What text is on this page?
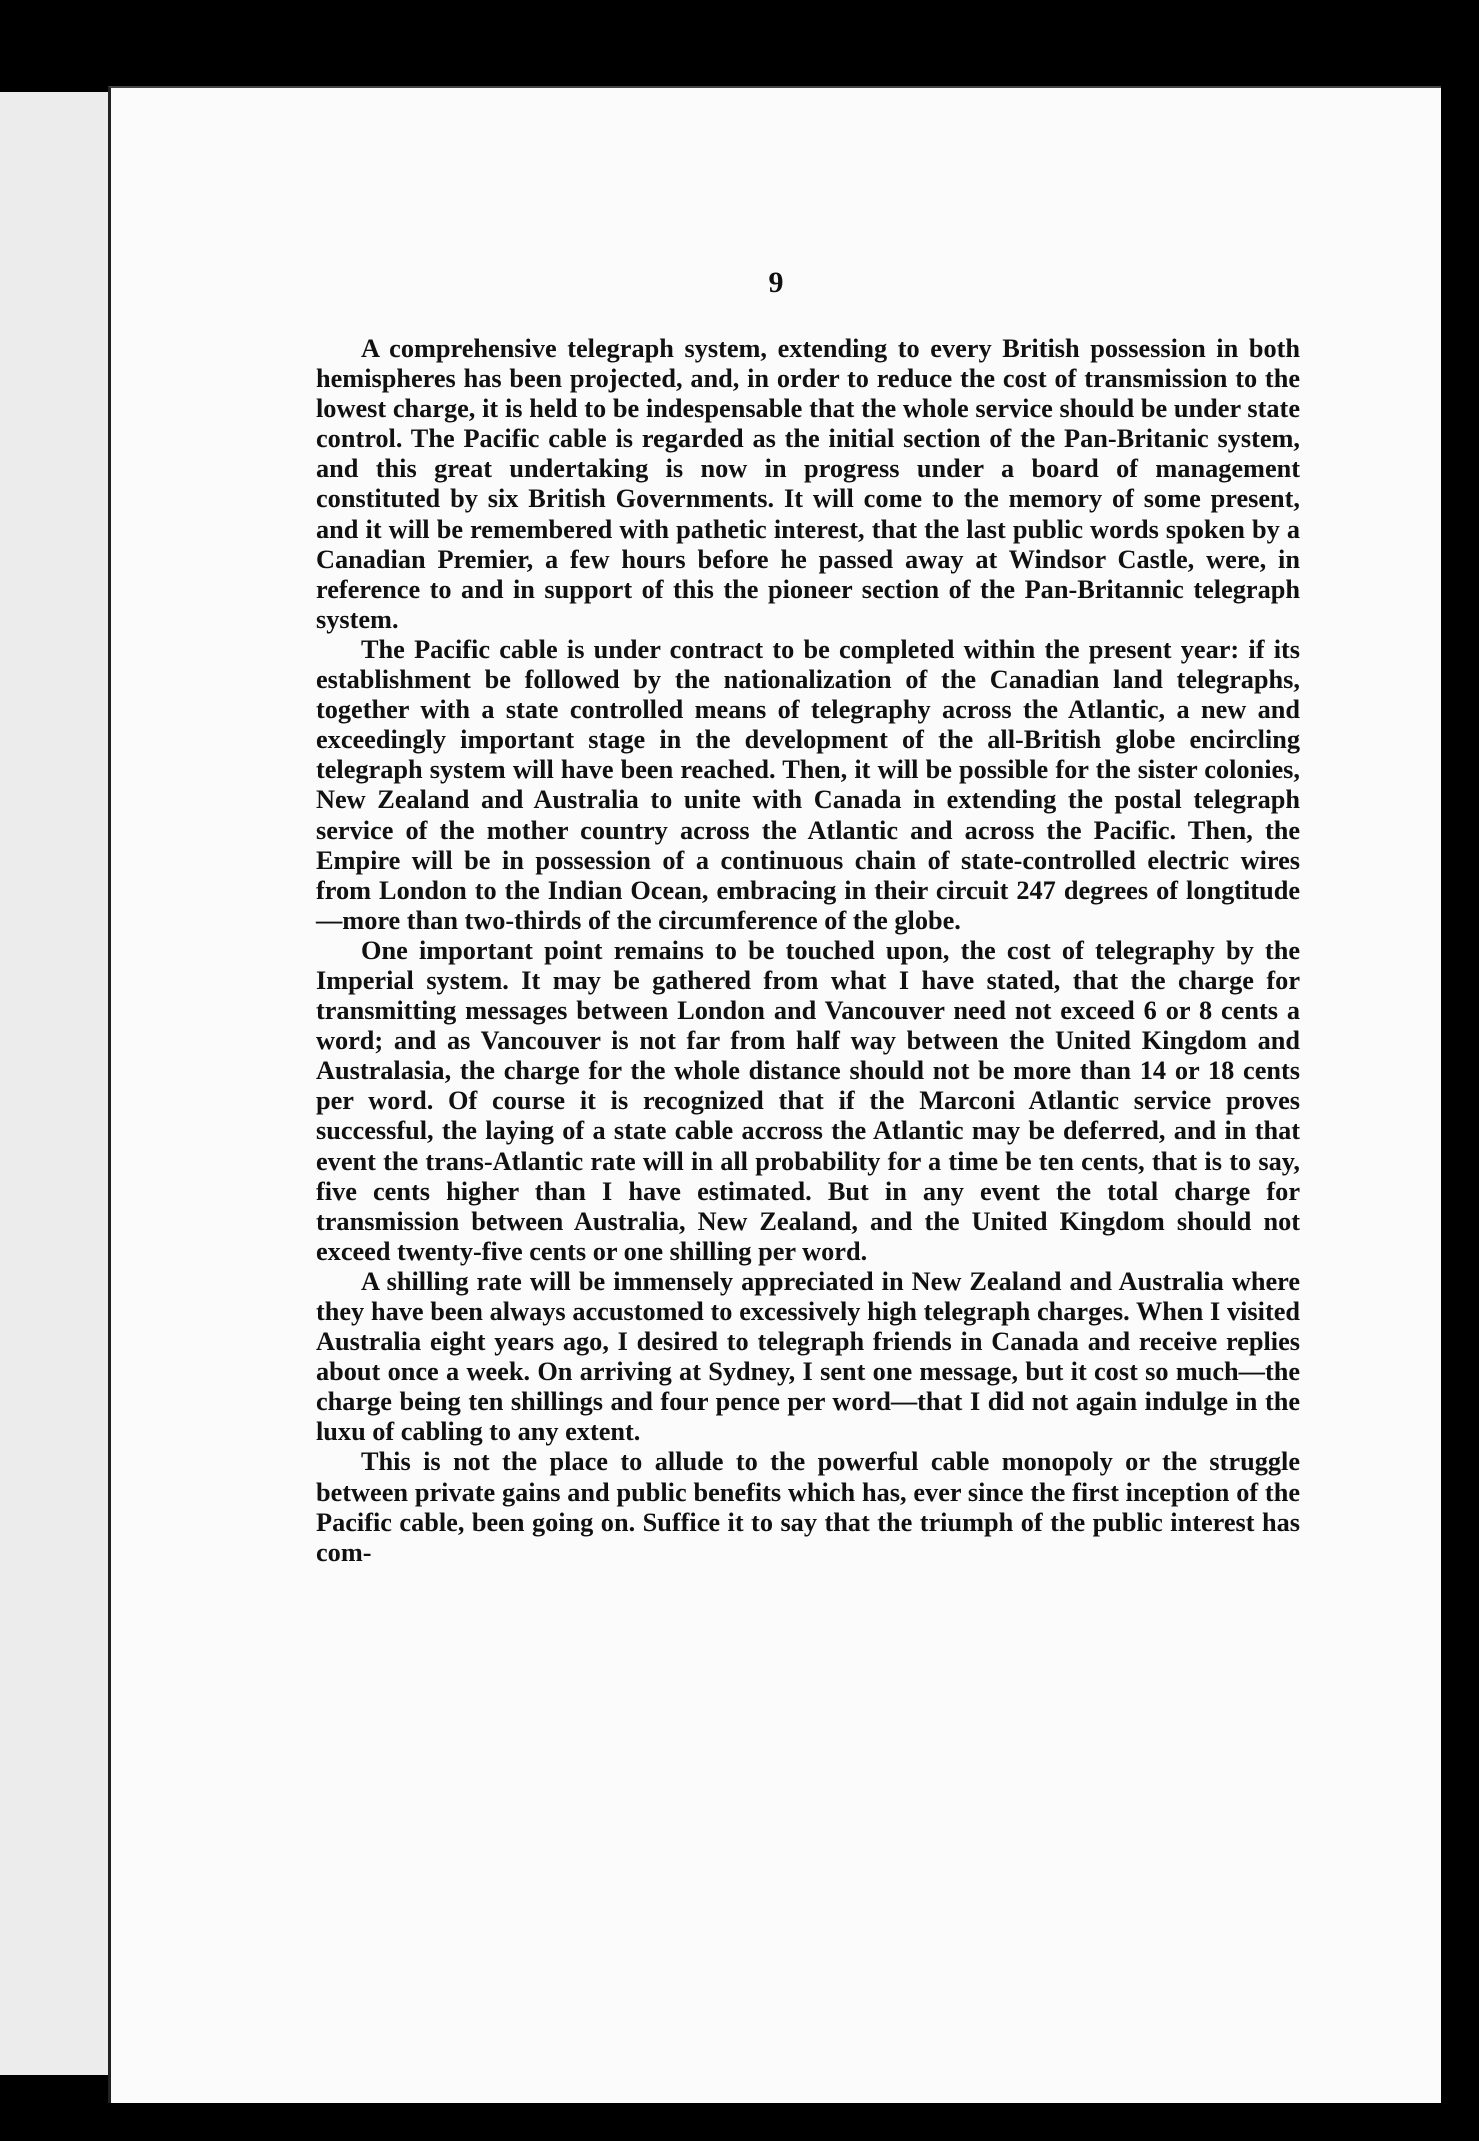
9

A comprehensive telegraph system, extending to every British possession in both hemispheres has been projected, and, in order to reduce the cost of transmission to the lowest charge, it is held to be indespensable that the whole service should be under state control. The Pacific cable is regarded as the initial section of the Pan-Britanic system, and this great undertaking is now in progress under a board of management constituted by six British Governments. It will come to the memory of some present, and it will be remembered with pathetic interest, that the last public words spoken by a Canadian Premier, a few hours before he passed away at Windsor Castle, were, in reference to and in support of this the pioneer section of the Pan-Britannic telegraph system.

The Pacific cable is under contract to be completed within the present year: if its establishment be followed by the nationalization of the Canadian land telegraphs, together with a state controlled means of telegraphy across the Atlantic, a new and exceedingly important stage in the development of the all-British globe encircling telegraph system will have been reached. Then, it will be possible for the sister colonies, New Zealand and Australia to unite with Canada in extending the postal telegraph service of the mother country across the Atlantic and across the Pacific. Then, the Empire will be in possession of a continuous chain of state-controlled electric wires from London to the Indian Ocean, embracing in their circuit 247 degrees of longtitude—more than two-thirds of the circumference of the globe.

One important point remains to be touched upon, the cost of telegraphy by the Imperial system. It may be gathered from what I have stated, that the charge for transmitting messages between London and Vancouver need not exceed 6 or 8 cents a word; and as Vancouver is not far from half way between the United Kingdom and Australasia, the charge for the whole distance should not be more than 14 or 18 cents per word. Of course it is recognized that if the Marconi Atlantic service proves successful, the laying of a state cable accross the Atlantic may be deferred, and in that event the trans-Atlantic rate will in all probability for a time be ten cents, that is to say, five cents higher than I have estimated. But in any event the total charge for transmission between Australia, New Zealand, and the United Kingdom should not exceed twenty-five cents or one shilling per word.

A shilling rate will be immensely appreciated in New Zealand and Australia where they have been always accustomed to excessively high telegraph charges. When I visited Australia eight years ago, I desired to telegraph friends in Canada and receive replies about once a week. On arriving at Sydney, I sent one message, but it cost so much—the charge being ten shillings and four pence per word—that I did not again indulge in the luxu of cabling to any extent.

This is not the place to allude to the powerful cable monopoly or the struggle between private gains and public benefits which has, ever since the first inception of the Pacific cable, been going on. Suffice it to say that the triumph of the public interest has com-
